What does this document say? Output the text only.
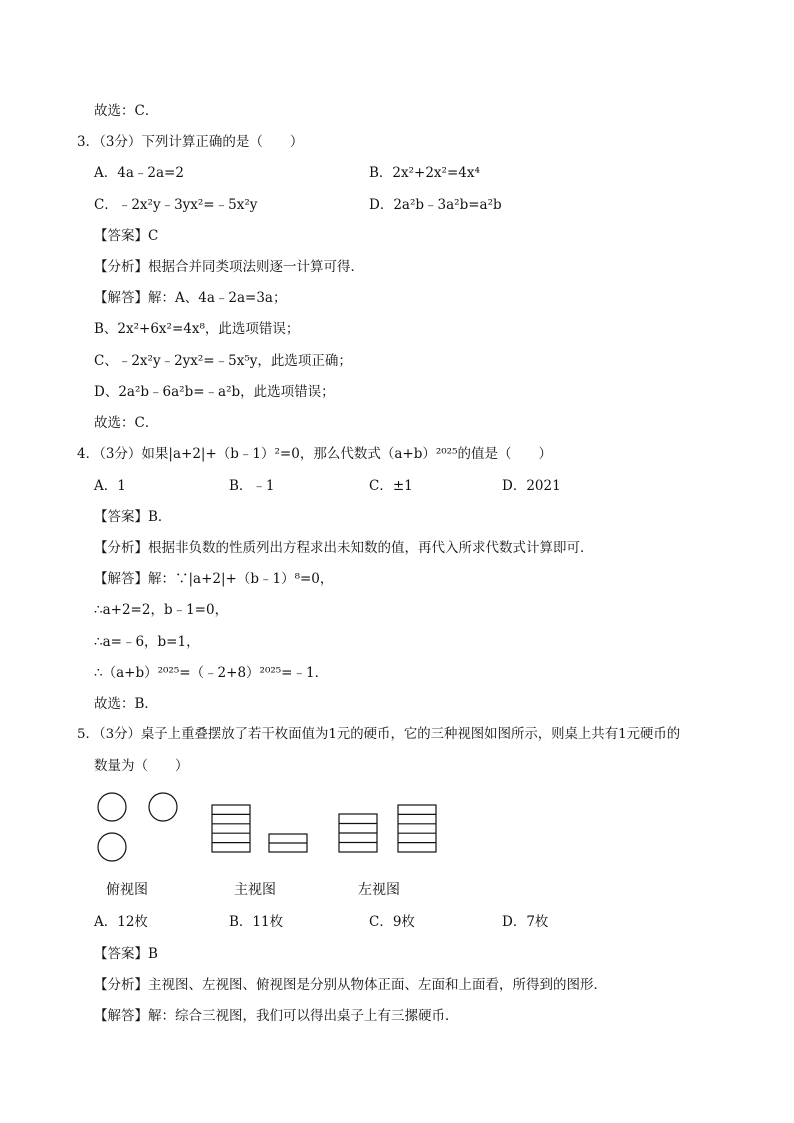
故选：C．
3．（3分）下列计算正确的是（　　）
A．4a﹣2a=2	B．2x²+2x²=4x⁴
C．﹣2x²y﹣3yx²=﹣5x²y	D．2a²b﹣3a²b=a²b
【答案】C
【分析】根据合并同类项法则逐一计算可得．
【解答】解：A、4a﹣2a=3a；
B、2x²+6x²=4x⁸，此选项错误；
C、﹣2x²y﹣2yx²=﹣5x⁵y，此选项正确；
D、2a²b﹣6a²b=﹣a²b，此选项错误；
故选：C．
4．（3分）如果|a+2|+（b﹣1）²=0，那么代数式（a+b）²⁰²⁵的值是（　　）
A．1	B．﹣1	C．±1	D．2021
【答案】B．
【分析】根据非负数的性质列出方程求出未知数的值，再代入所求代数式计算即可．
【解答】解：∵|a+2|+（b﹣1）⁸=0，
∴a+2=2，b﹣1=0，
∴a=﹣6，b=1，
∴（a+b）²⁰²⁵=（﹣2+8）²⁰²⁵=﹣1．
故选：B．
5．（3分）桌子上重叠摆放了若干枚面值为1元的硬币，它的三种视图如图所示，则桌上共有1元硬币的
数量为（　　）
俯视图	主视图	左视图
A．12枚	B．11枚	C．9枚	D．7枚
【答案】B
【分析】主视图、左视图、俯视图是分别从物体正面、左面和上面看，所得到的图形．
【解答】解：综合三视图，我们可以得出桌子上有三摞硬币．
